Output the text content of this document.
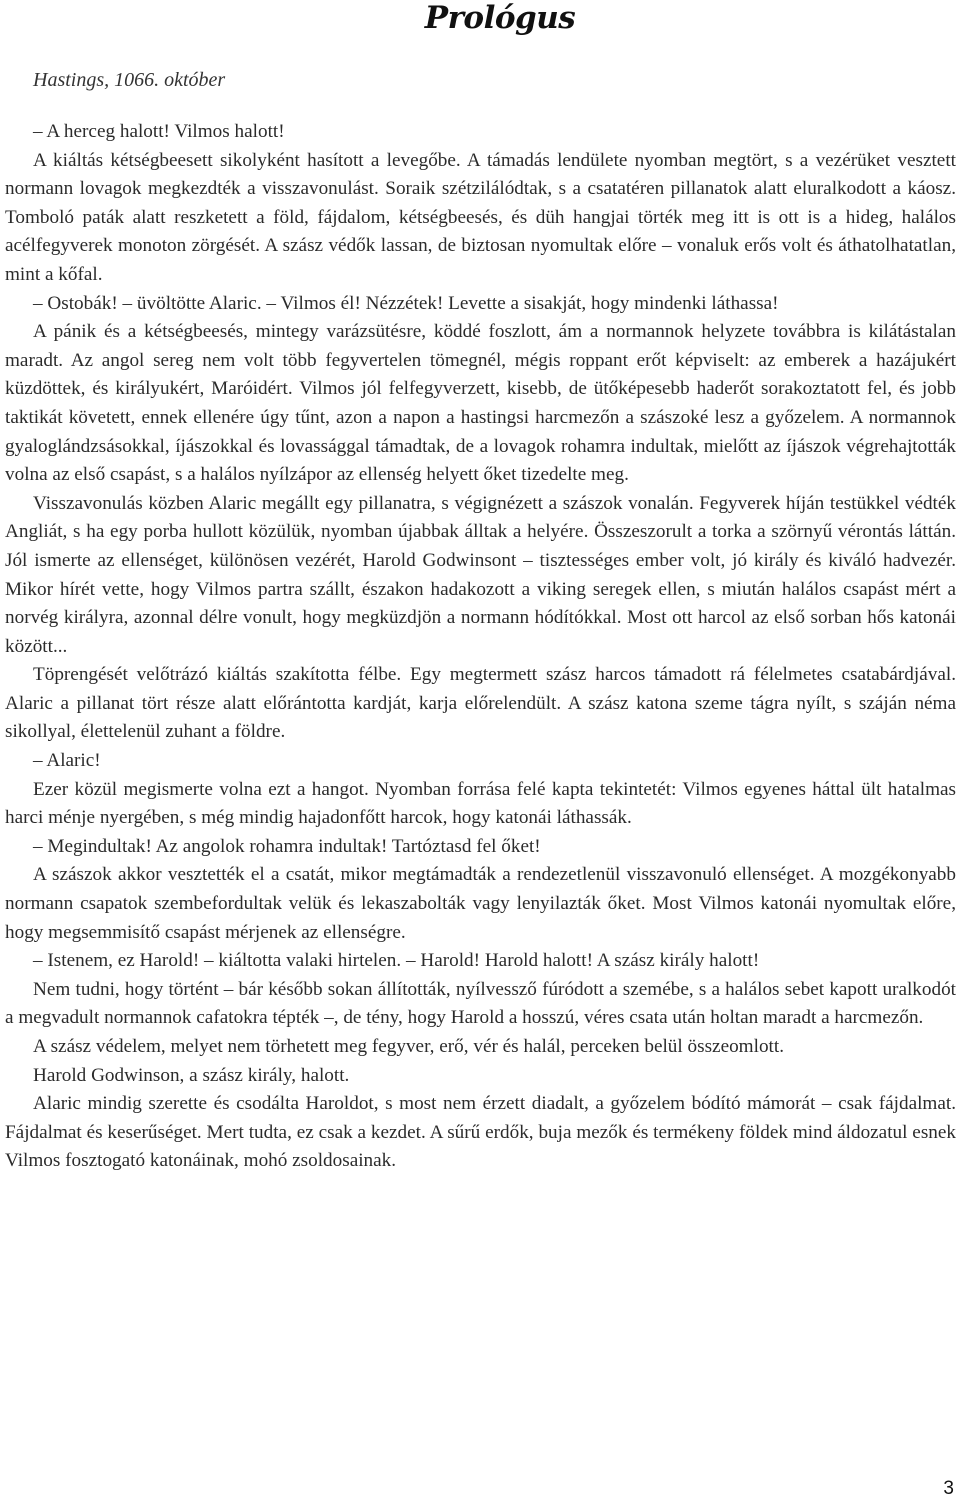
Prológus
Hastings, 1066. október

– A herceg halott! Vilmos halott!

A kiáltás kétségbeesett sikolyként hasított a levegőbe. A támadás lendülete nyomban megtört, s a vezérüket vesztett normann lovagok megkezdték a visszavonulást. Soraik szétzilálódtak, s a csatatéren pillanatok alatt eluralkodott a káosz. Tomboló paták alatt reszketett a föld, fájdalom, kétségbeesés, és düh hangjai törték meg itt is ott is a hideg, halálos acélfegyverek monoton zörgését. A szász védők lassan, de biztosan nyomultak előre – vonaluk erős volt és áthatolhatatlan, mint a kőfal.

– Ostobák! – üvöltötte Alaric. – Vilmos él! Nézzétek! Levette a sisakját, hogy mindenki láthassa!

A pánik és a kétségbeesés, mintegy varázsütésre, köddé foszlott, ám a normannok helyzete továbbra is kilátástalan maradt. Az angol sereg nem volt több fegyvertelen tömegnél, mégis roppant erőt képviselt: az emberek a hazájukért küzdöttek, és királyukért, Maróidért. Vilmos jól felfegyverzett, kisebb, de ütőképesebb haderőt sorakoztatott fel, és jobb taktikát követett, ennek ellenére úgy tűnt, azon a napon a hastingsi harcmezőn a szászoké lesz a győzelem. A normannok gyaloglándzsásokkal, íjászokkal és lovassággal támadtak, de a lovagok rohamra indultak, mielőtt az íjászok végrehajtották volna az első csapást, s a halálos nyílzápor az ellenség helyett őket tizedelte meg.

Visszavonulás közben Alaric megállt egy pillanatra, s végignézett a szászok vonalán. Fegyverek híján testükkel védték Angliát, s ha egy porba hullott közülük, nyomban újabbak álltak a helyére. Összeszorult a torka a szörnyű vérontás láttán. Jól ismerte az ellenséget, különösen vezérét, Harold Godwinsont – tisztességes ember volt, jó király és kiváló hadvezér. Mikor hírét vette, hogy Vilmos partra szállt, északon hadakozott a viking seregek ellen, s miután halálos csapást mért a norvég királyra, azonnal délre vonult, hogy megküzdjön a normann hódítókkal. Most ott harcol az első sorban hős katonái között...

Töprengését velőtrázó kiáltás szakította félbe. Egy megtermett szász harcos támadott rá félelmetes csatabárdjával. Alaric a pillanat tört része alatt előrántotta kardját, karja előrelendült. A szász katona szeme tágra nyílt, s száján néma sikollyal, élettelenül zuhant a földre.

– Alaric!

Ezer közül megismerte volna ezt a hangot. Nyomban forrása felé kapta tekintetét: Vilmos egyenes háttal ült hatalmas harci ménje nyergében, s még mindig hajadonfőtt harcok, hogy katonái láthassák.

– Megindultak! Az angolok rohamra indultak! Tartóztasd fel őket!

A szászok akkor vesztették el a csatát, mikor megtámadták a rendezetlenül visszavonuló ellenséget. A mozgékonyabb normann csapatok szembefordultak velük és lekaszabolták vagy lenyilazták őket. Most Vilmos katonái nyomultak előre, hogy megsemmisítő csapást mérjenek az ellenségre.

– Istenem, ez Harold! – kiáltotta valaki hirtelen. – Harold! Harold halott! A szász király halott!

Nem tudni, hogy történt – bár később sokan állították, nyílvessző fúródott a szemébe, s a halálos sebet kapott uralkodót a megvadult normannok cafatokra tépték –, de tény, hogy Harold a hosszú, véres csata után holtan maradt a harcmezőn.

A szász védelem, melyet nem törhetett meg fegyver, erő, vér és halál, perceken belül összeomlott.

Harold Godwinson, a szász király, halott.

Alaric mindig szerette és csodálta Haroldot, s most nem érzett diadalt, a győzelem bódító mámorát – csak fájdalmat. Fájdalmat és keserűséget. Mert tudta, ez csak a kezdet. A sűrű erdők, buja mezők és termékeny földek mind áldozatul esnek Vilmos fosztogató katonáinak, mohó zsoldosainak.

3
